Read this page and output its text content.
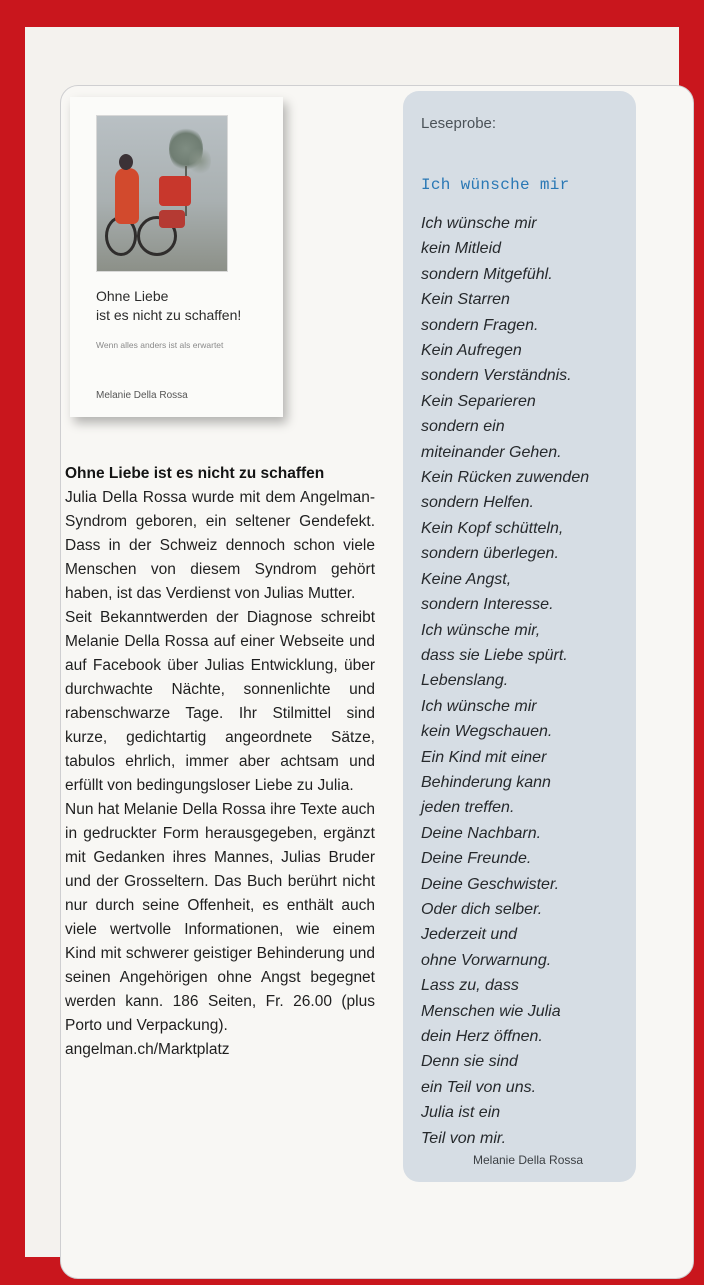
Ohne Liebe
ist es nicht zu schaffen!
Wenn alles anders ist als erwartet
Melanie Della Rossa
Ohne Liebe ist es nicht zu schaffen

Julia Della Rossa wurde mit dem Angelman-Syndrom geboren, ein seltener Gendefekt. Dass in der Schweiz dennoch schon viele Menschen von diesem Syndrom gehört haben, ist das Verdienst von Julias Mutter.

Seit Bekanntwerden der Diagnose schreibt Melanie Della Rossa auf einer Webseite und auf Facebook über Julias Entwicklung, über durchwachte Nächte, sonnenlichte und rabenschwarze Tage. Ihr Stilmittel sind kurze, gedichtartig angeordnete Sätze, tabulos ehrlich, immer aber achtsam und erfüllt von bedingungsloser Liebe zu Julia.

Nun hat Melanie Della Rossa ihre Texte auch in gedruckter Form herausgegeben, ergänzt mit Gedanken ihres Mannes, Julias Bruder und der Grosseltern. Das Buch berührt nicht nur durch seine Offenheit, es enthält auch viele wertvolle Informationen, wie einem Kind mit schwerer geistiger Behinderung und seinen Angehörigen ohne Angst begegnet werden kann. 186 Seiten, Fr. 26.00 (plus Porto und Verpackung).

angelman.ch/Marktplatz

Leseprobe:
Ich wünsche mir
Ich wünsche mir
kein Mitleid
sondern Mitgefühl.
Kein Starren
sondern Fragen.
Kein Aufregen
sondern Verständnis.
Kein Separieren
sondern ein
miteinander Gehen.
Kein Rücken zuwenden
sondern Helfen.
Kein Kopf schütteln,
sondern überlegen.
Keine Angst,
sondern Interesse.
Ich wünsche mir,
dass sie Liebe spürt.
Lebenslang.
Ich wünsche mir
kein Wegschauen.
Ein Kind mit einer
Behinderung kann
jeden treffen.
Deine Nachbarn.
Deine Freunde.
Deine Geschwister.
Oder dich selber.
Jederzeit und
ohne Vorwarnung.
Lass zu, dass
Menschen wie Julia
dein Herz öffnen.
Denn sie sind
ein Teil von uns.
Julia ist ein
Teil von mir.
Melanie Della Rossa
